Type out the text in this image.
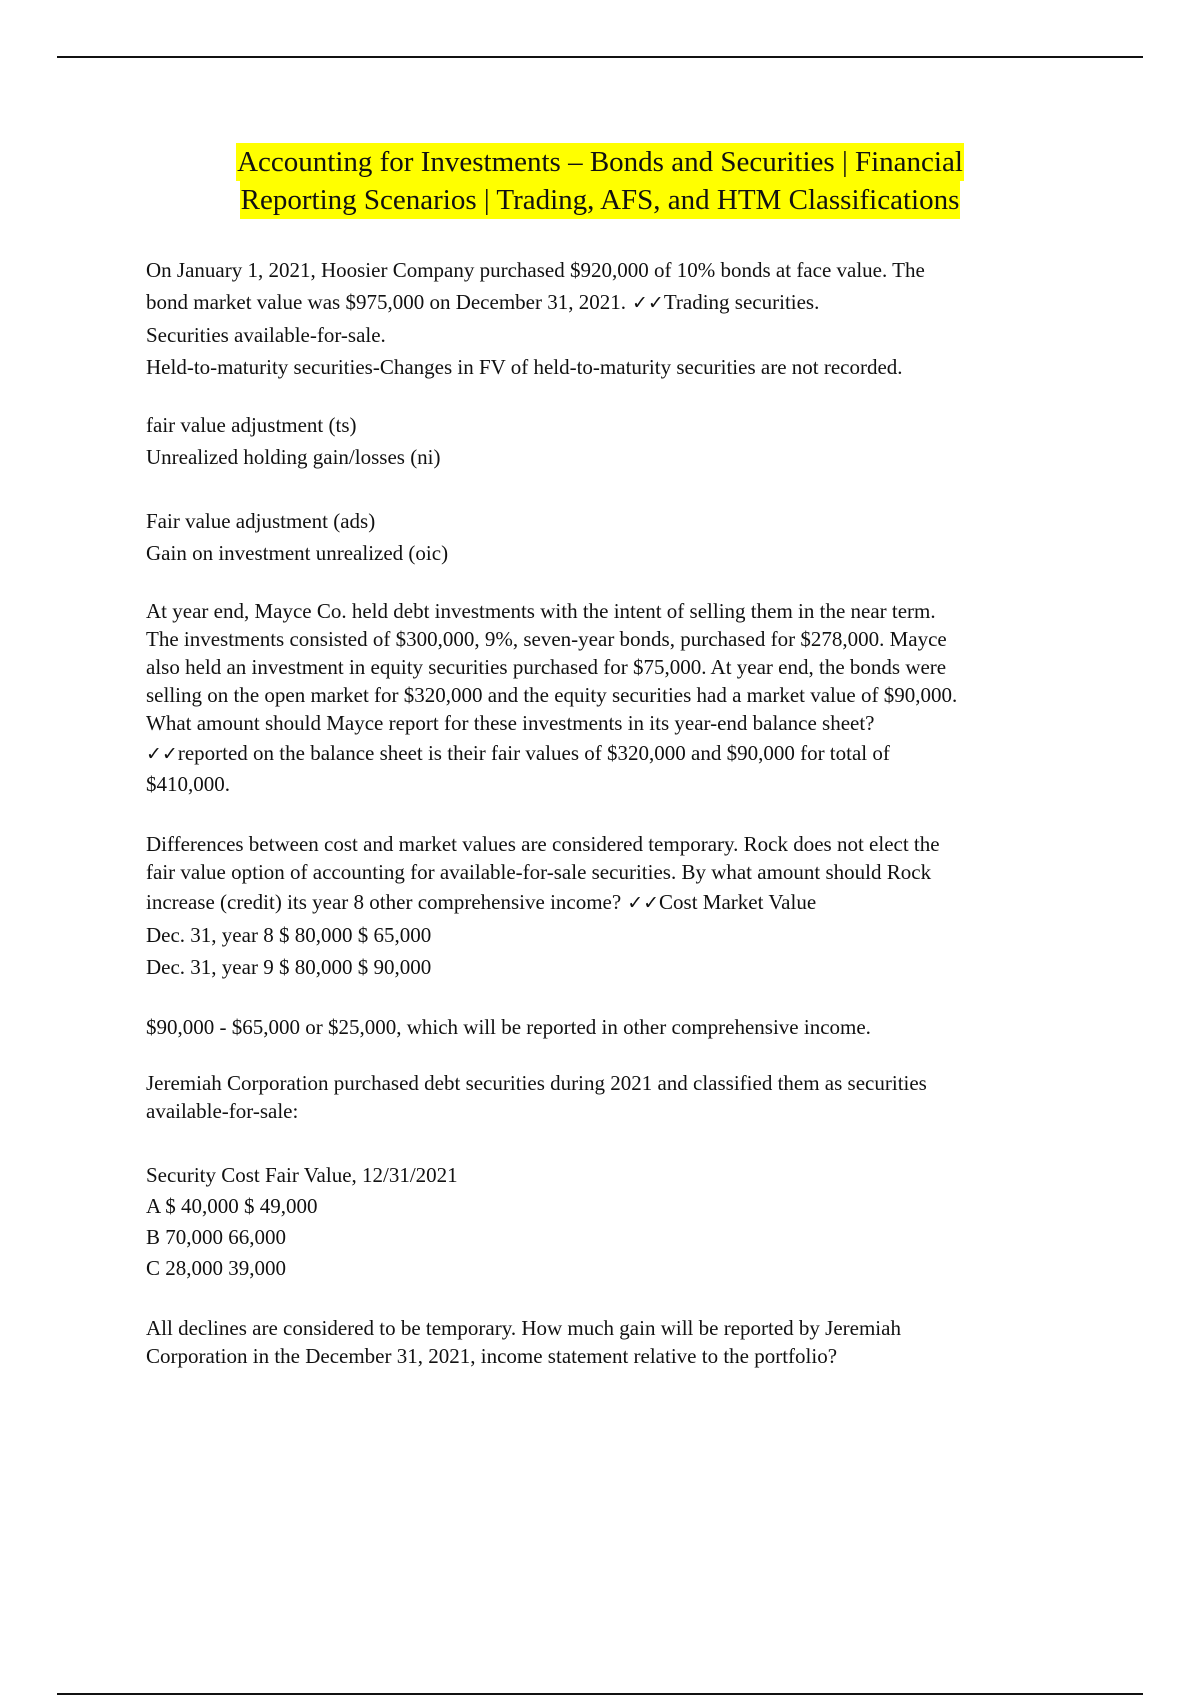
Accounting for Investments – Bonds and Securities | Financial
Reporting Scenarios | Trading, AFS, and HTM Classifications
On January 1, 2021, Hoosier Company purchased $920,000 of 10% bonds at face value. The
bond market value was $975,000 on December 31, 2021. ✓✓Trading securities.
Securities available-for-sale.
Held-to-maturity securities-Changes in FV of held-to-maturity securities are not recorded.
fair value adjustment (ts)
Unrealized holding gain/losses (ni)
Fair value adjustment (ads)
Gain on investment unrealized (oic)
At year end, Mayce Co. held debt investments with the intent of selling them in the near term.
The investments consisted of $300,000, 9%, seven-year bonds, purchased for $278,000. Mayce
also held an investment in equity securities purchased for $75,000. At year end, the bonds were
selling on the open market for $320,000 and the equity securities had a market value of $90,000.
What amount should Mayce report for these investments in its year-end balance sheet?
✓✓reported on the balance sheet is their fair values of $320,000 and $90,000 for total of
$410,000.
Differences between cost and market values are considered temporary. Rock does not elect the
fair value option of accounting for available-for-sale securities. By what amount should Rock
increase (credit) its year 8 other comprehensive income? ✓✓Cost Market Value
Dec. 31, year 8 $ 80,000 $ 65,000
Dec. 31, year 9 $ 80,000 $ 90,000
$90,000 - $65,000 or $25,000, which will be reported in other comprehensive income.
Jeremiah Corporation purchased debt securities during 2021 and classified them as securities
available-for-sale:
Security Cost Fair Value, 12/31/2021
A $ 40,000 $ 49,000
B 70,000 66,000
C 28,000 39,000
All declines are considered to be temporary. How much gain will be reported by Jeremiah
Corporation in the December 31, 2021, income statement relative to the portfolio?
